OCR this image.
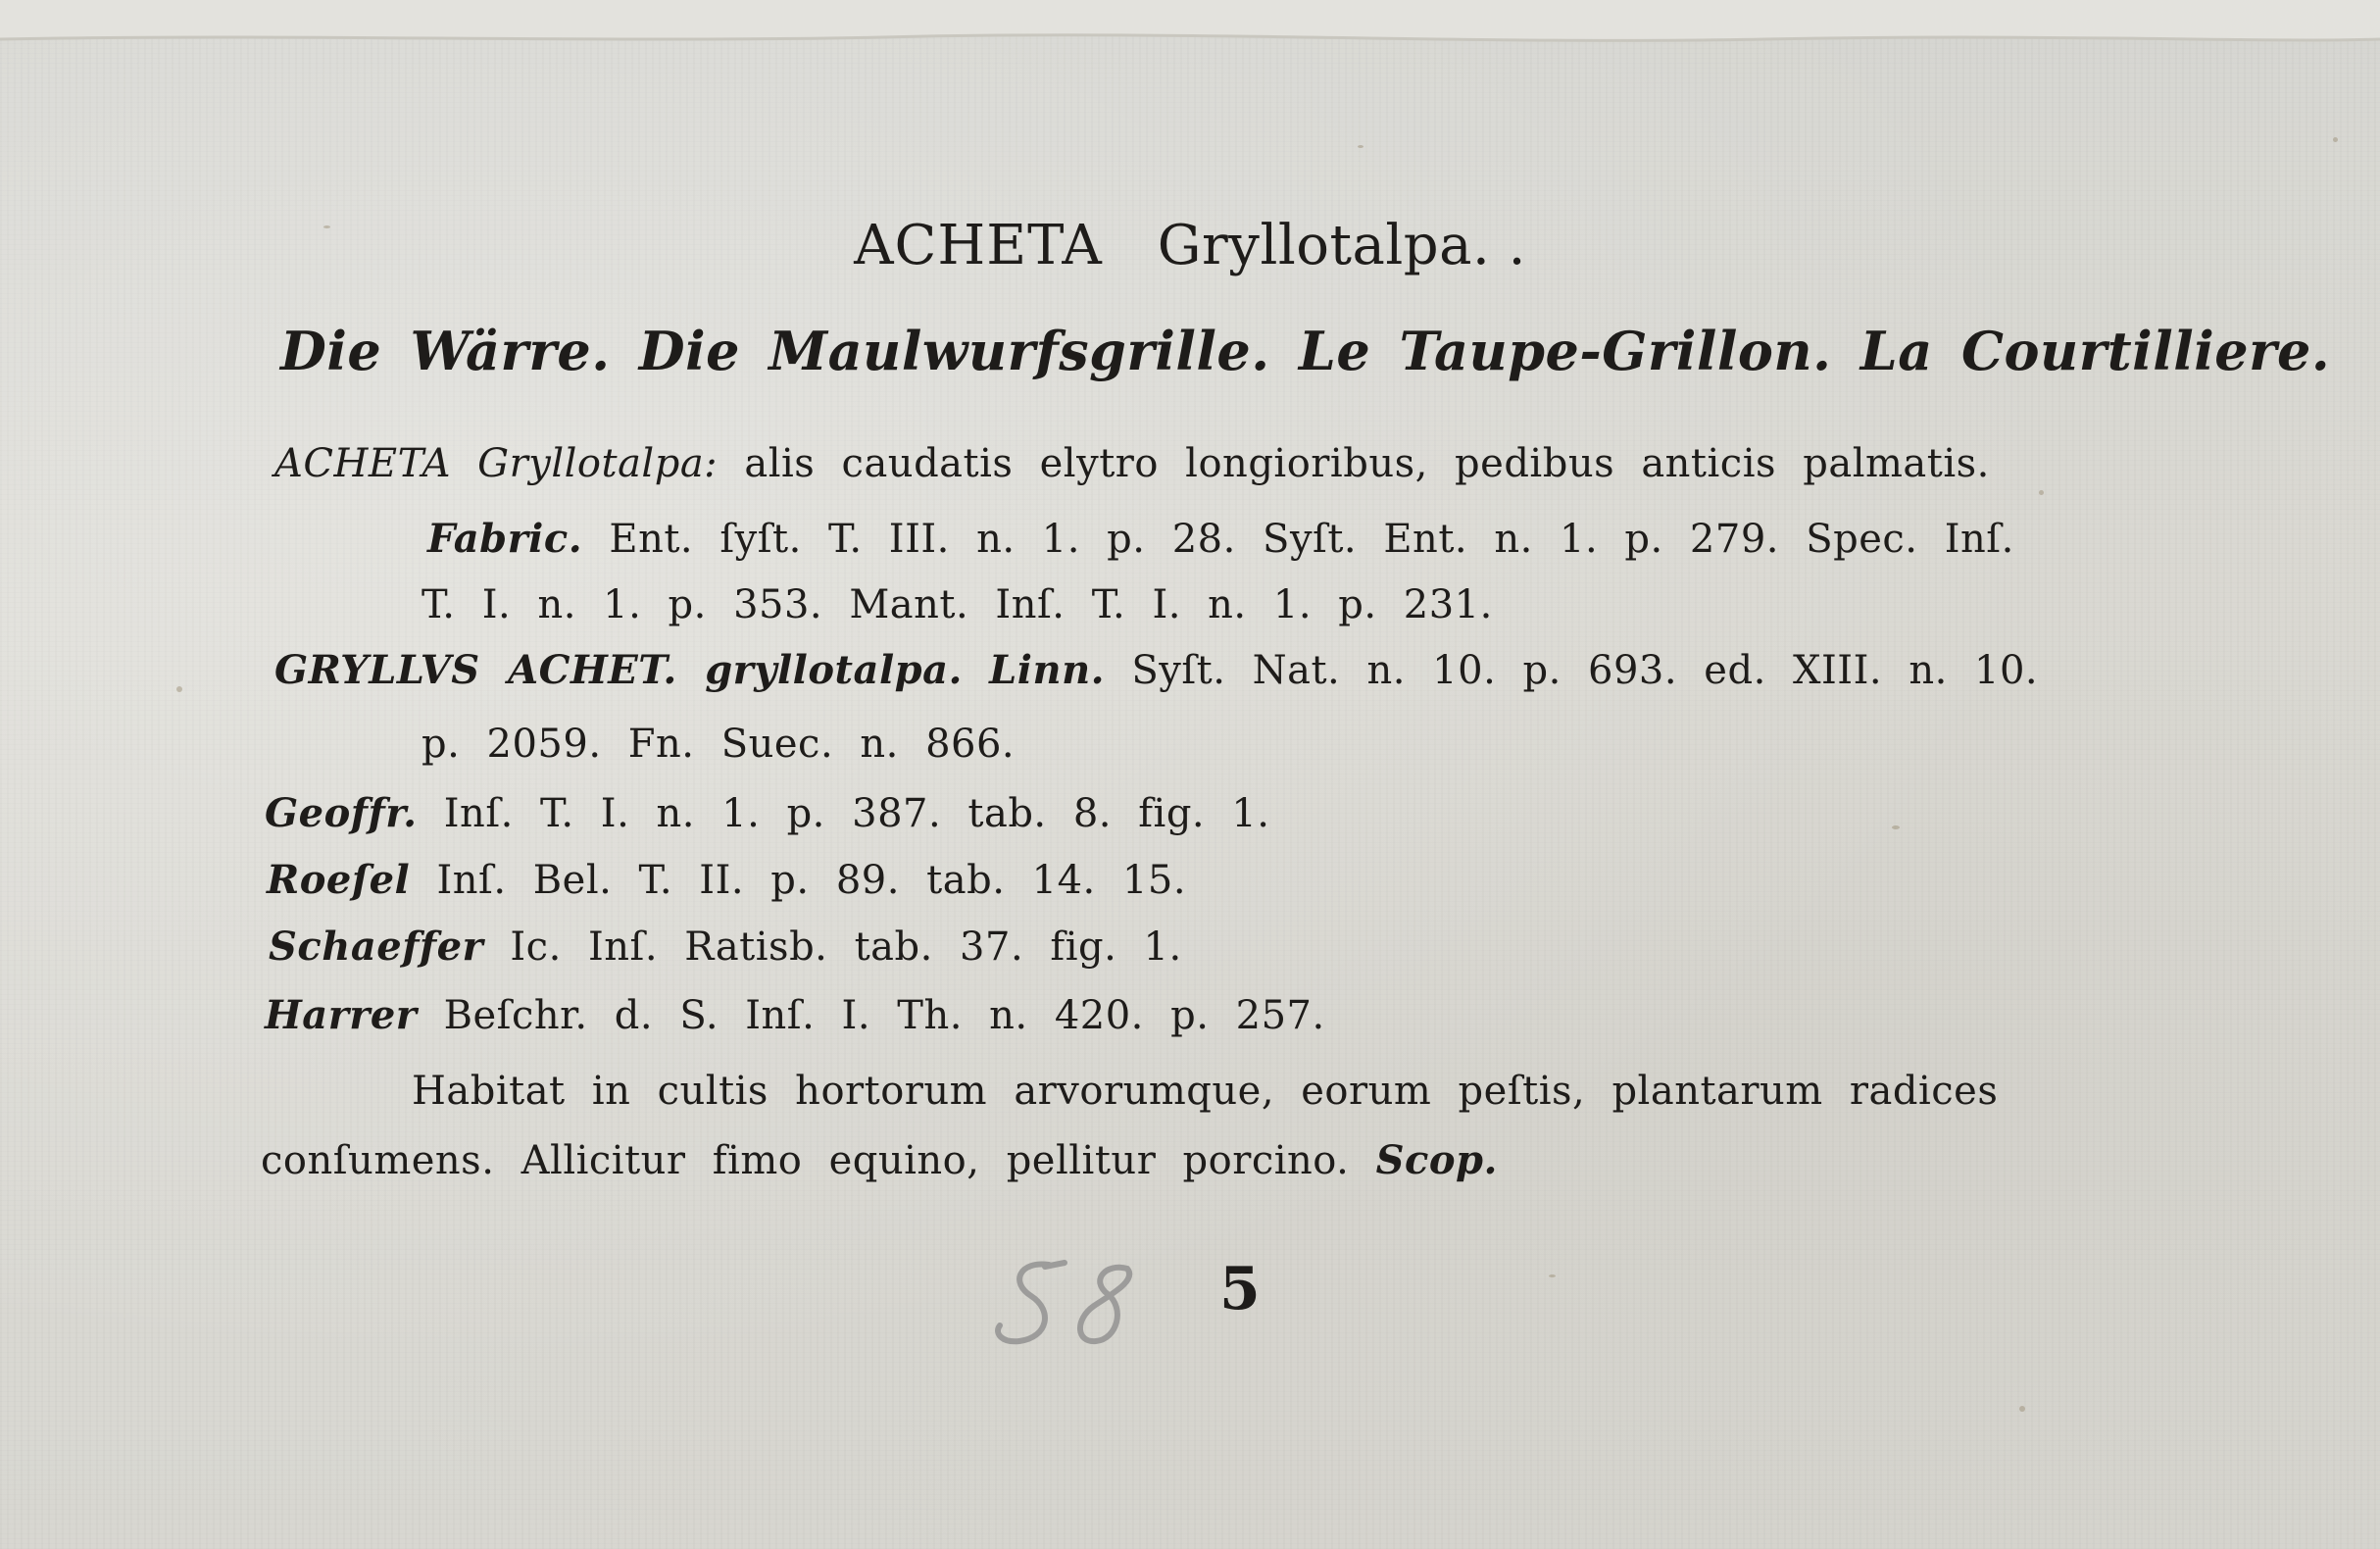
ACHETA Gryllotalpa. .
Die Wärre. Die Maulwurfsgrille. Le Taupe-Grillon. La Courtilliere.
ACHETA Gryllotalpa: alis caudatis elytro longioribus, pedibus anticis palmatis.
Fabric. Ent. ſyſt. T. III. n. 1. p. 28. Syſt. Ent. n. 1. p. 279. Spec. Inſ.
T. I. n. 1. p. 353. Mant. Inſ. T. I. n. 1. p. 231.
GRYLLVS ACHET. gryllotalpa. Linn. Syſt. Nat. n. 10. p. 693. ed. XIII. n. 10.
p. 2059. Fn. Suec. n. 866.
Geoffr. Inſ. T. I. n. 1. p. 387. tab. 8. fig. 1.
Roeſel Inſ. Bel. T. II. p. 89. tab. 14. 15.
Schaeffer Ic. Inſ. Ratisb. tab. 37. fig. 1.
Harrer Beſchr. d. S. Inſ. I. Th. n. 420. p. 257.
Habitat in cultis hortorum arvorumque, eorum peſtis, plantarum radices
conſumens. Allicitur fimo equino, pellitur porcino. Scop.
5
